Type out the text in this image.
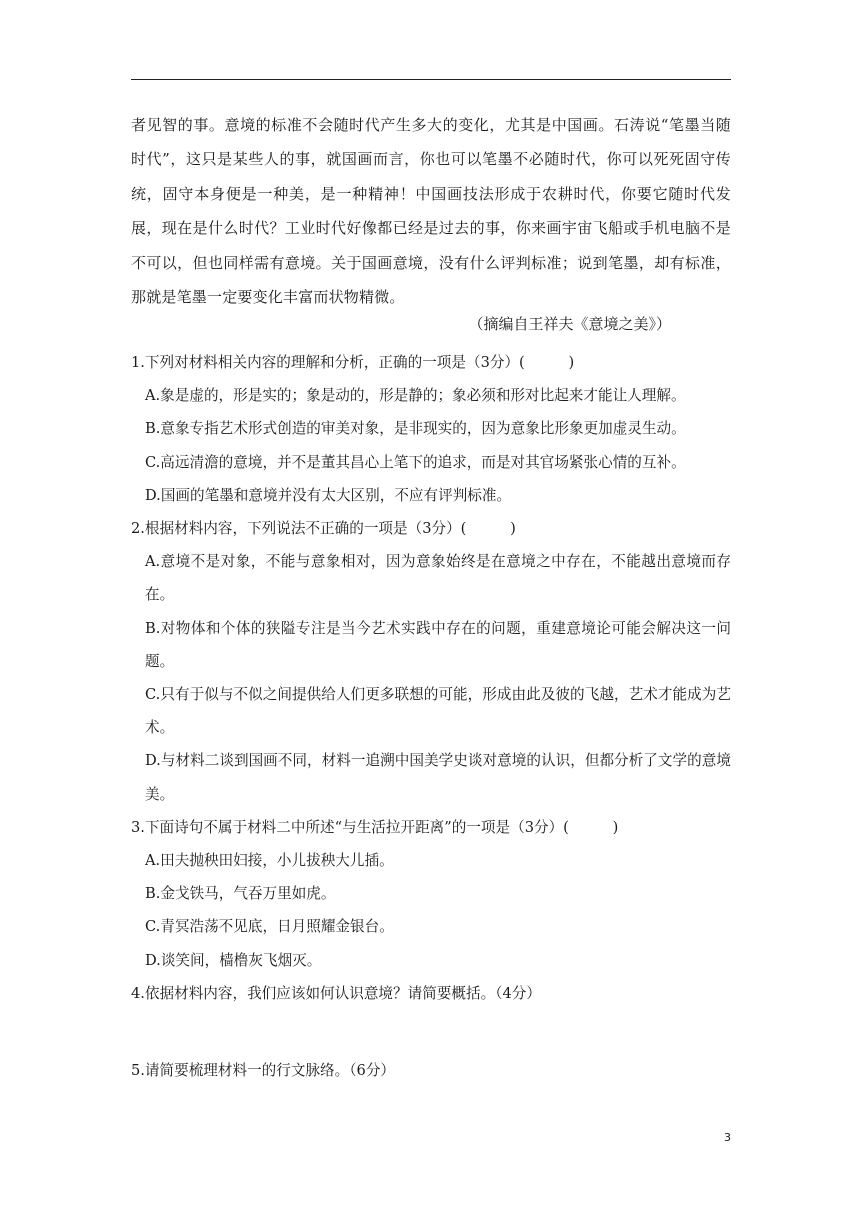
者见智的事。意境的标准不会随时代产生多大的变化，尤其是中国画。石涛说“笔墨当随时代”，这只是某些人的事，就国画而言，你也可以笔墨不必随时代，你可以死死固守传统，固守本身便是一种美，是一种精神！中国画技法形成于农耕时代，你要它随时代发展，现在是什么时代？工业时代好像都已经是过去的事，你来画宇宙飞船或手机电脑不是不可以，但也同样需有意境。关于国画意境，没有什么评判标准；说到笔墨，却有标准，那就是笔墨一定要变化丰富而状物精微。
（摘编自王祥夫《意境之美》）
1.下列对材料相关内容的理解和分析，正确的一项是（3分）(　　　)
A.象是虚的，形是实的；象是动的，形是静的；象必须和形对比起来才能让人理解。
B.意象专指艺术形式创造的审美对象，是非现实的，因为意象比形象更加虚灵生动。
C.高远清澹的意境，并不是董其昌心上笔下的追求，而是对其官场紧张心情的互补。
D.国画的笔墨和意境并没有太大区别，不应有评判标准。
2.根据材料内容，下列说法不正确的一项是（3分）(　　　)
A.意境不是对象，不能与意象相对，因为意象始终是在意境之中存在，不能越出意境而存在。
B.对物体和个体的狭隘专注是当今艺术实践中存在的问题，重建意境论可能会解决这一问题。
C.只有于似与不似之间提供给人们更多联想的可能，形成由此及彼的飞越，艺术才能成为艺术。
D.与材料二谈到国画不同，材料一追溯中国美学史谈对意境的认识，但都分析了文学的意境美。
3.下面诗句不属于材料二中所述“与生活拉开距离”的一项是（3分）(　　　)
A.田夫抛秧田妇接，小儿拔秧大儿插。
B.金戈铁马，气吞万里如虎。
C.青冥浩荡不见底，日月照耀金银台。
D.谈笑间，樯橹灰飞烟灭。
4.依据材料内容，我们应该如何认识意境？请简要概括。（4分）
5.请简要梳理材料一的行文脉络。（6分）
3
